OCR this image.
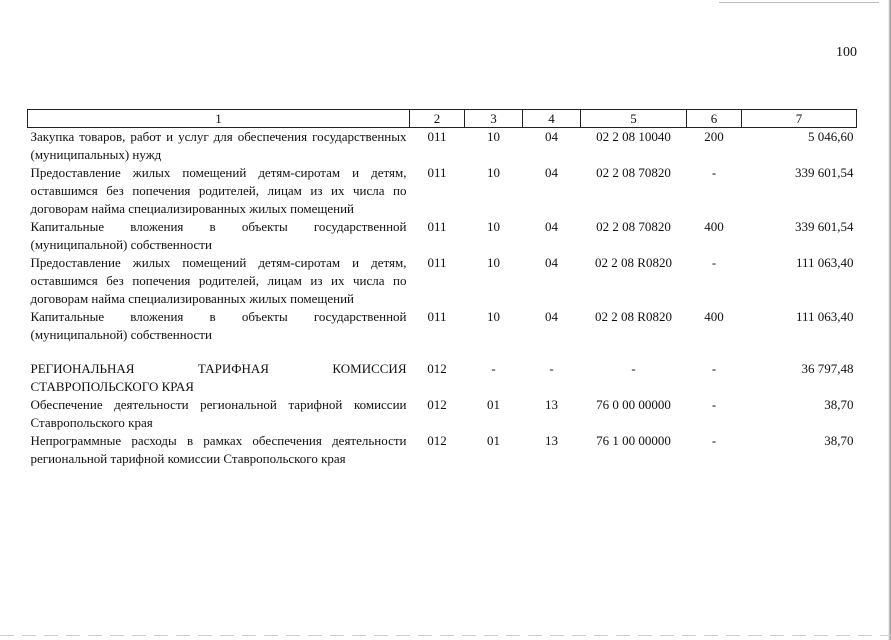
100
1	2	3	4	5	6	7
Закупка товаров, работ и услуг для обеспечения государственных (муниципальных) нужд	011	10	04	02 2 08 10040	200	5 046,60
Предоставление жилых помещений детям-сиротам и детям, оставшимся без попечения родителей, лицам из их числа по договорам найма специализированных жилых помещений	011	10	04	02 2 08 70820	-	339 601,54
Капитальные вложения в объекты государственной (муниципальной) собственности	011	10	04	02 2 08 70820	400	339 601,54
Предоставление жилых помещений детям-сиротам и детям, оставшимся без попечения родителей, лицам из их числа по договорам найма специализированных жилых помещений	011	10	04	02 2 08 R0820	-	111 063,40
Капитальные вложения в объекты государственной (муниципальной) собственности	011	10	04	02 2 08 R0820	400	111 063,40

РЕГИОНАЛЬНАЯ ТАРИФНАЯ КОМИССИЯ СТАВРОПОЛЬСКОГО КРАЯ	012	-	-	-	-	36 797,48
Обеспечение деятельности региональной тарифной комиссии Ставропольского края	012	01	13	76 0 00 00000	-	38,70
Непрограммные расходы в рамках обеспечения деятельности региональной тарифной комиссии Ставропольского края	012	01	13	76 1 00 00000	-	38,70
